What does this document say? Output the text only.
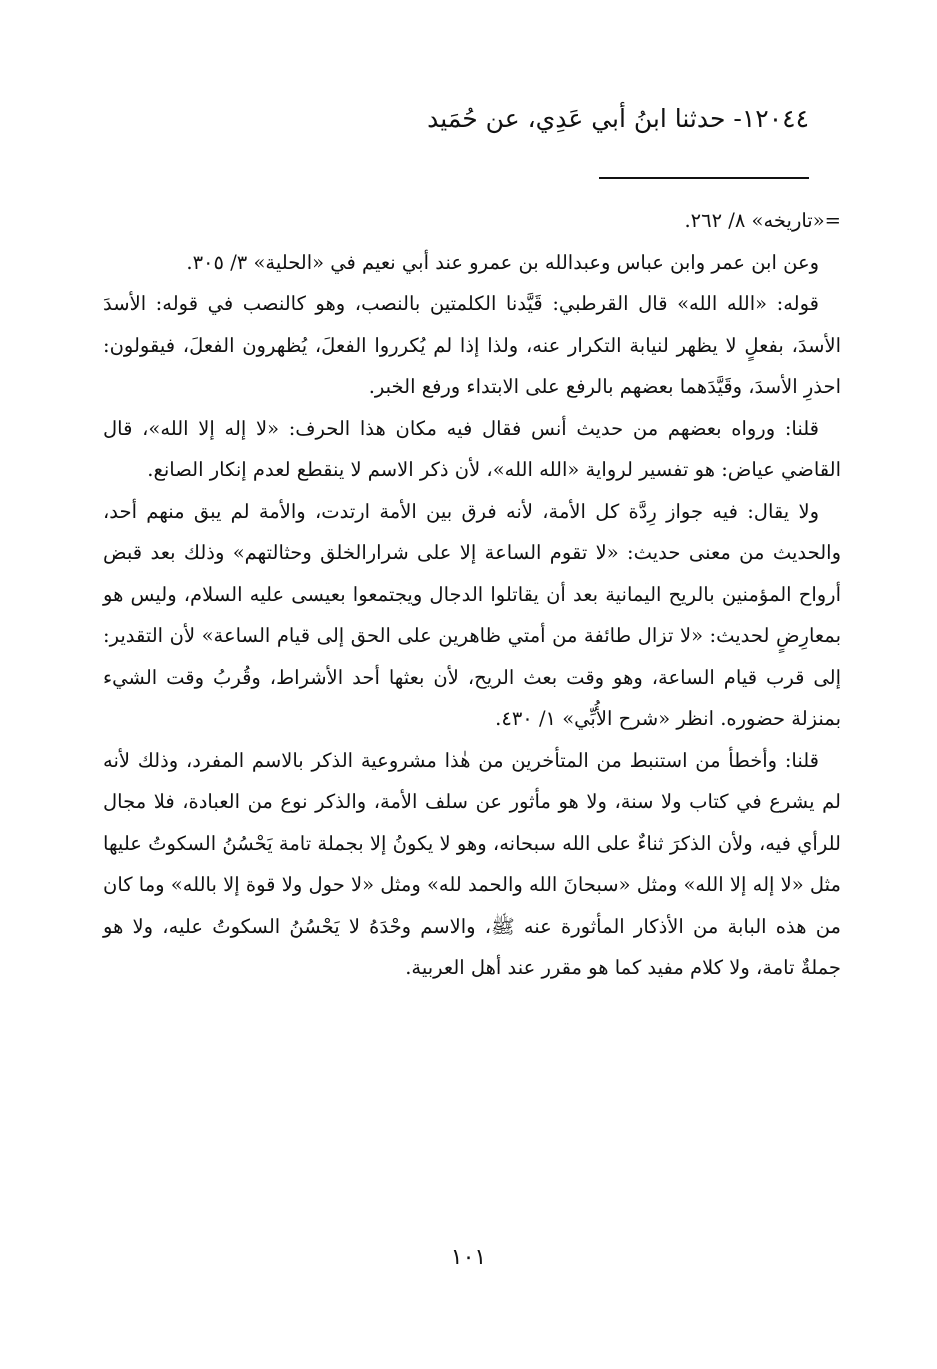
١٢٠٤٤- حدثنا ابنُ أبي عَدِي، عن حُمَيد

=«تاريخه» ٨/ ٢٦٢.

وعن ابن عمر وابن عباس وعبدالله بن عمرو عند أبي نعيم في «الحلية» ٣/ ٣٠٥.

قوله: «الله الله» قال القرطبي: قَيَّدنا الكلمتين بالنصب، وهو كالنصب في قوله: الأسدَ الأسدَ، بفعلٍ لا يظهر لنيابة التكرار عنه، ولذا إذا لم يُكرروا الفعلَ، يُظهرون الفعلَ، فيقولون: احذرِ الأسدَ، وقَيَّدَهما بعضهم بالرفع على الابتداء ورفع الخبر.

قلنا: ورواه بعضهم من حديث أنس فقال فيه مكان هذا الحرف: «لا إله إلا الله»، قال القاضي عياض: هو تفسير لرواية «الله الله»، لأن ذكر الاسم لا ينقطع لعدم إنكار الصانع.

ولا يقال: فيه جواز رِدَّة كل الأمة، لأنه فرق بين الأمة ارتدت، والأمة لم يبق منهم أحد، والحديث من معنى حديث: «لا تقوم الساعة إلا على شرارالخلق وحثالتهم» وذلك بعد قبض أرواح المؤمنين بالريح اليمانية بعد أن يقاتلوا الدجال ويجتمعوا بعيسى عليه السلام، وليس هو بمعارِضٍ لحديث: «لا تزال طائفة من أمتي ظاهرين على الحق إلى قيام الساعة» لأن التقدير: إلى قرب قيام الساعة، وهو وقت بعث الريح، لأن بعثها أحد الأشراط، وقُربُ وقت الشيء بمنزلة حضوره. انظر «شرح الأُبِّي» ١/ ٤٣٠.

قلنا: وأخطأ من استنبط من المتأخرين من هٰذا مشروعية الذكر بالاسم المفرد، وذلك لأنه لم يشرع في كتاب ولا سنة، ولا هو مأثور عن سلف الأمة، والذكر نوع من العبادة، فلا مجال للرأي فيه، ولأن الذكرَ ثناءٌ على الله سبحانه، وهو لا يكونُ إلا بجملة تامة يَحْسُنُ السكوتُ عليها مثل «لا إله إلا الله» ومثل «سبحانَ الله والحمد لله» ومثل «لا حول ولا قوة إلا بالله» وما كان من هذه البابة من الأذكار المأثورة عنه ﷺ، والاسم وحْدَهُ لا يَحْسُنُ السكوتُ عليه، ولا هو جملةٌ تامة، ولا كلام مفيد كما هو مقرر عند أهل العربية.

١٠١
